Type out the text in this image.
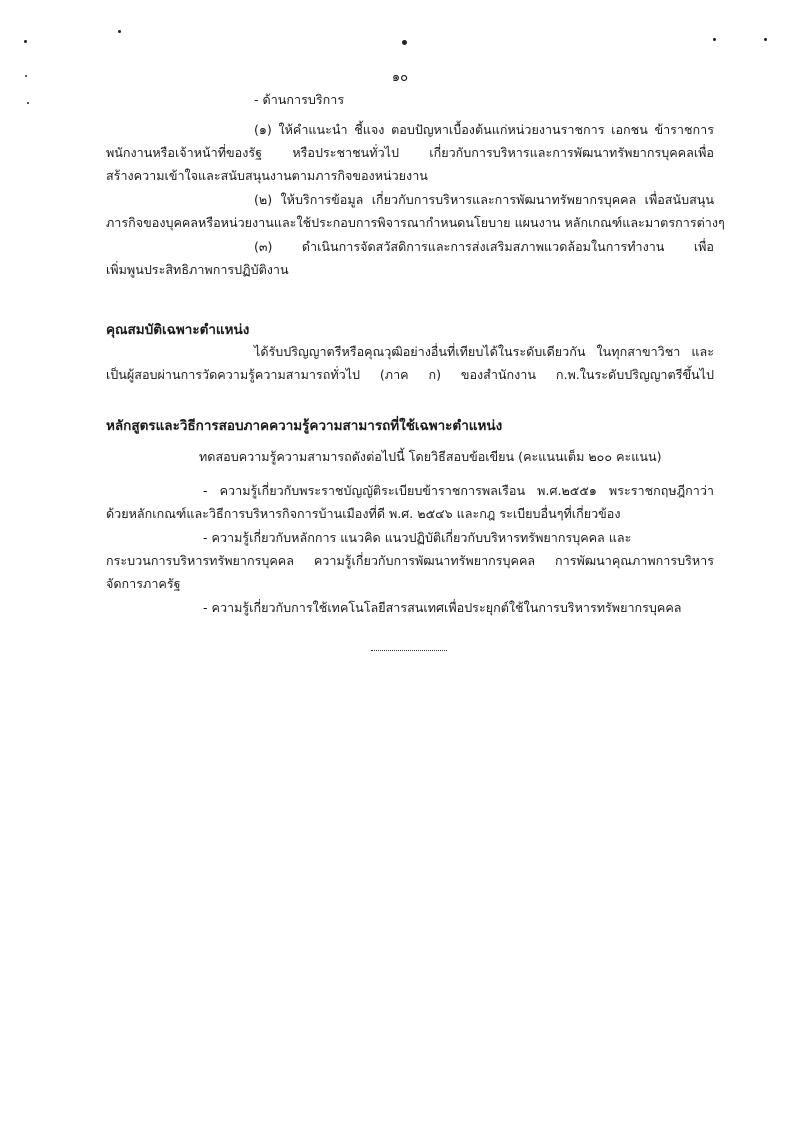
๑๐
- ด้านการบริการ
(๑) ให้คำแนะนำ ชี้แจง ตอบปัญหาเบื้องต้นแก่หน่วยงานราชการ เอกชน ข้าราชการ
พนักงานหรือเจ้าหน้าที่ของรัฐ หรือประชาชนทั่วไป เกี่ยวกับการบริหารและการพัฒนาทรัพยากรบุคคลเพื่อ
สร้างความเข้าใจและสนับสนุนงานตามภารกิจของหน่วยงาน
(๒) ให้บริการข้อมูล เกี่ยวกับการบริหารและการพัฒนาทรัพยากรบุคคล เพื่อสนับสนุน
ภารกิจของบุคคลหรือหน่วยงานและใช้ประกอบการพิจารณากำหนดนโยบาย แผนงาน หลักเกณฑ์และมาตรการต่างๆ
(๓) ดำเนินการจัดสวัสดิการและการส่งเสริมสภาพแวดล้อมในการทำงาน เพื่อ
เพิ่มพูนประสิทธิภาพการปฏิบัติงาน
คุณสมบัติเฉพาะตำแหน่ง
ได้รับปริญญาตรีหรือคุณวุฒิอย่างอื่นที่เทียบได้ในระดับเดียวกัน ในทุกสาขาวิชา และ
เป็นผู้สอบผ่านการวัดความรู้ความสามารถทั่วไป (ภาค ก) ของสำนักงาน ก.พ.ในระดับปริญญาตรีขึ้นไป
หลักสูตรและวิธีการสอบภาคความรู้ความสามารถที่ใช้เฉพาะตำแหน่ง
ทดสอบความรู้ความสามารถดังต่อไปนี้ โดยวิธีสอบข้อเขียน (คะแนนเต็ม ๒๐๐ คะแนน)
- ความรู้เกี่ยวกับพระราชบัญญัติระเบียบข้าราชการพลเรือน พ.ศ.๒๕๕๑ พระราชกฤษฎีกาว่า
ด้วยหลักเกณฑ์และวิธีการบริหารกิจการบ้านเมืองที่ดี พ.ศ. ๒๕๔๖ และกฎ ระเบียบอื่นๆที่เกี่ยวข้อง
- ความรู้เกี่ยวกับหลักการ แนวคิด แนวปฏิบัติเกี่ยวกับบริหารทรัพยากรบุคคล และ
กระบวนการบริหารทรัพยากรบุคคล ความรู้เกี่ยวกับการพัฒนาทรัพยากรบุคคล การพัฒนาคุณภาพการบริหาร
จัดการภาครัฐ
- ความรู้เกี่ยวกับการใช้เทคโนโลยีสารสนเทศเพื่อประยุกต์ใช้ในการบริหารทรัพยากรบุคคล
